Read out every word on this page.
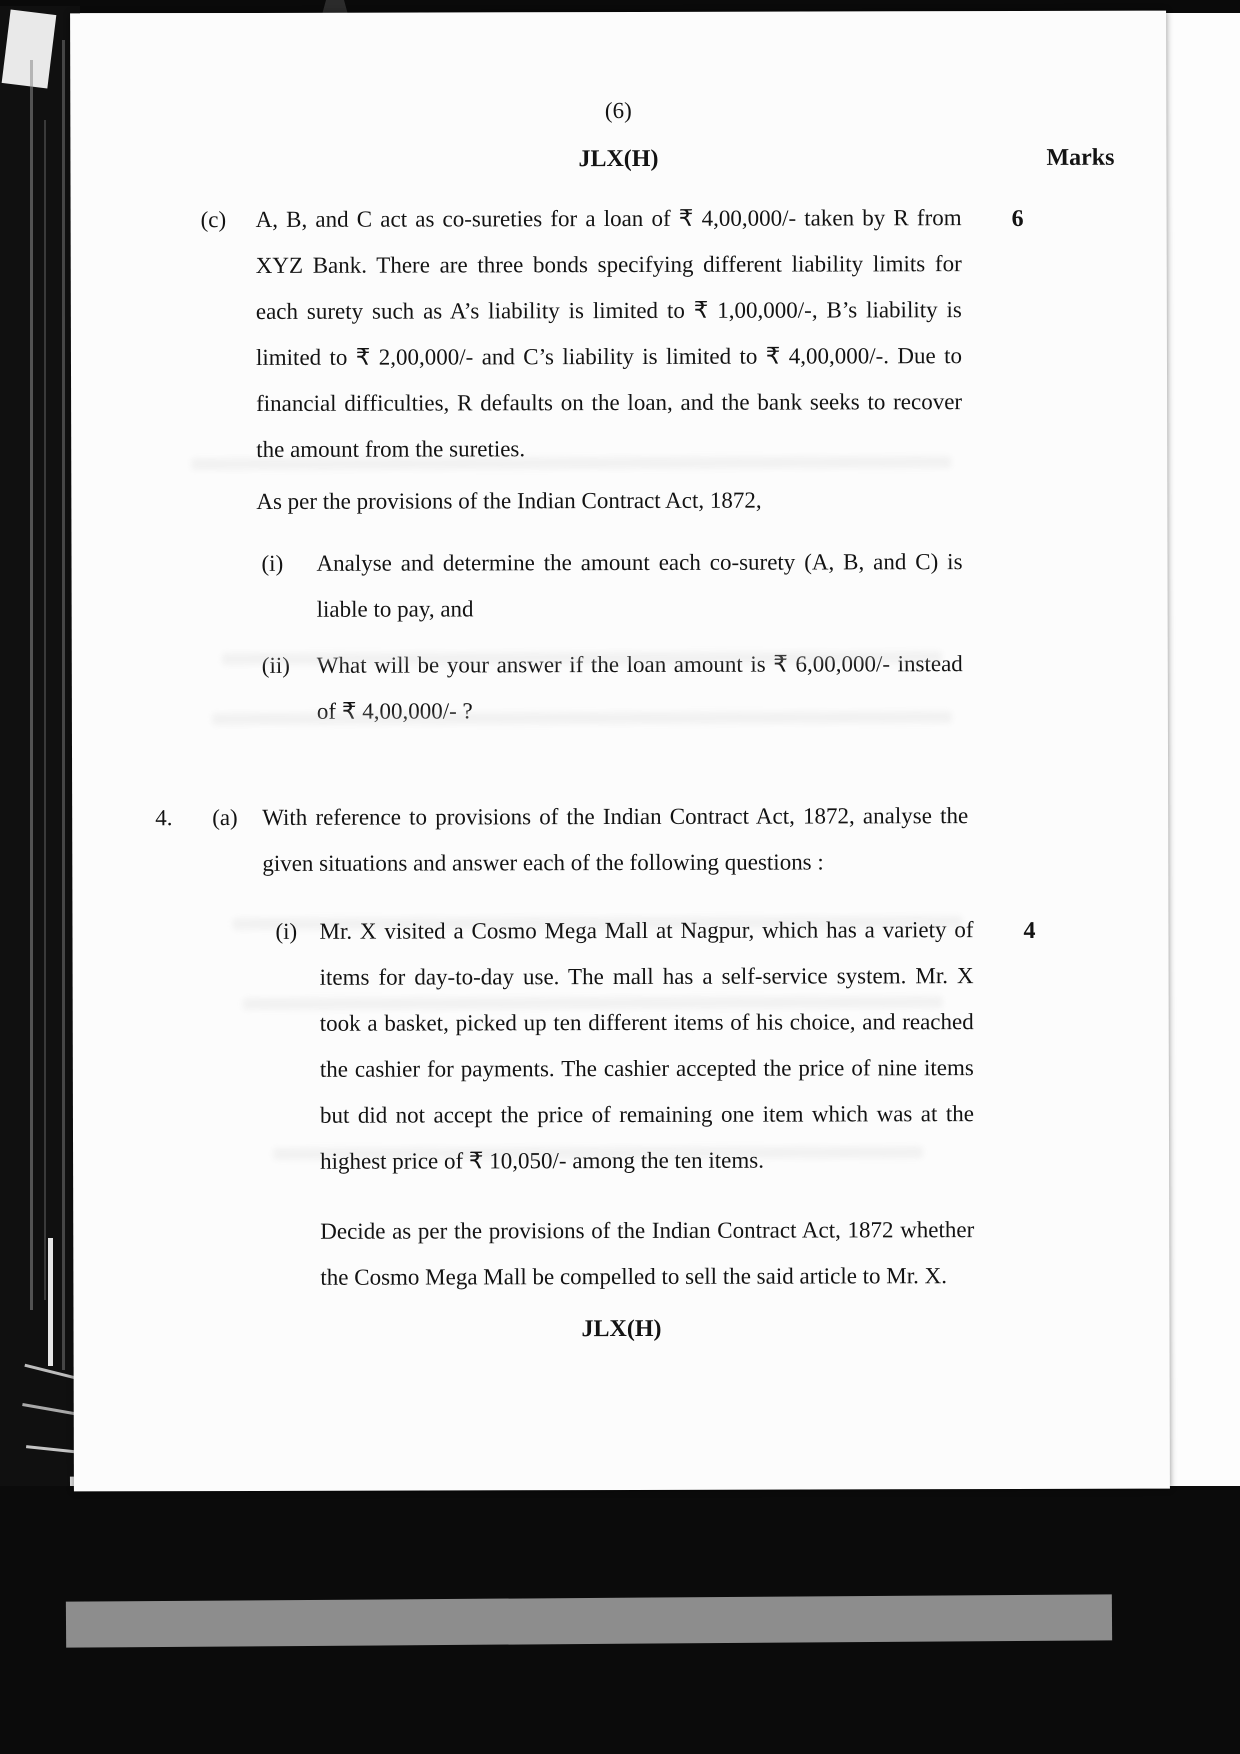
(6)
JLX(H)	Marks
(c)	A, B, and C act as co-sureties for a loan of ₹ 4,00,000/- taken by R from XYZ Bank. There are three bonds specifying different liability limits for each surety such as A’s liability is limited to ₹ 1,00,000/-, B’s liability is limited to ₹ 2,00,000/- and C’s liability is limited to ₹ 4,00,000/-. Due to financial difficulties, R defaults on the loan, and the bank seeks to recover the amount from the sureties.
6
As per the provisions of the Indian Contract Act, 1872,
(i)	Analyse and determine the amount each co-surety (A, B, and C) is liable to pay, and
(ii)	What will be your answer if the loan amount is ₹ 6,00,000/- instead of ₹ 4,00,000/- ?
4.	(a)	With reference to provisions of the Indian Contract Act, 1872, analyse the given situations and answer each of the following questions :
(i) Mr. X visited a Cosmo Mega Mall at Nagpur, which has a variety of items for day-to-day use. The mall has a self-service system. Mr. X took a basket, picked up ten different items of his choice, and reached the cashier for payments. The cashier accepted the price of nine items but did not accept the price of remaining one item which was at the highest price of ₹ 10,050/- among the ten items.
4
Decide as per the provisions of the Indian Contract Act, 1872 whether the Cosmo Mega Mall be compelled to sell the said article to Mr. X.
JLX(H)
